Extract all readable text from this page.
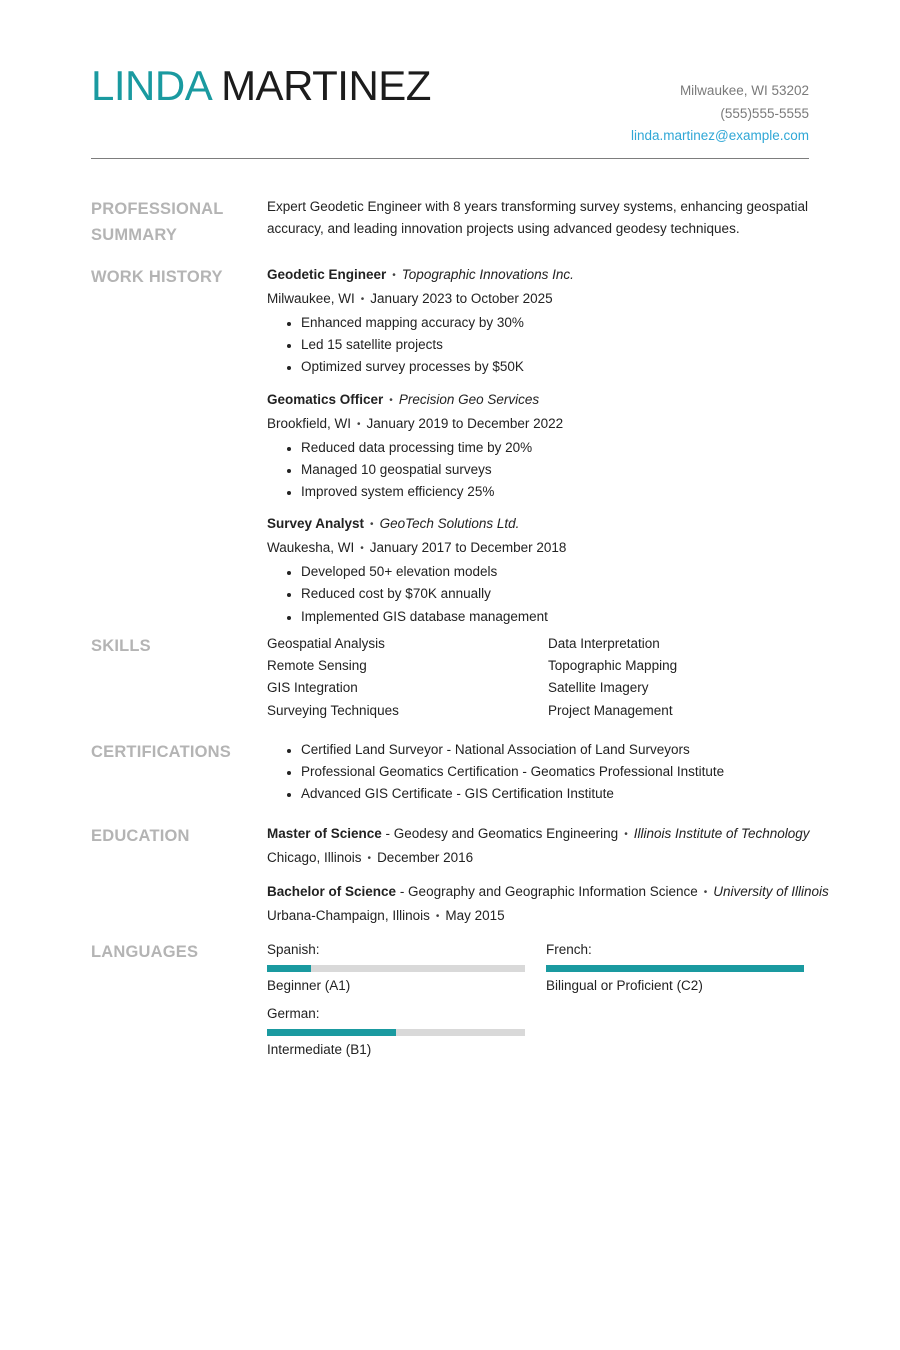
LINDA MARTINEZ	Milwaukee, WI 53202
(555)555-5555
linda.martinez@example.com
PROFESSIONAL SUMMARY

Expert Geodetic Engineer with 8 years transforming survey systems, enhancing geospatial accuracy, and leading innovation projects using advanced geodesy techniques.

WORK HISTORY	Geodetic Engineer • Topographic Innovations Inc.
Milwaukee, WI • January 2023 to October 2025
• Enhanced mapping accuracy by 30%
• Led 15 satellite projects
• Optimized survey processes by $50K
Geomatics Officer • Precision Geo Services
Brookfield, WI • January 2019 to December 2022
• Reduced data processing time by 20%
• Managed 10 geospatial surveys
• Improved system efficiency 25%
Survey Analyst • GeoTech Solutions Ltd.
Waukesha, WI • January 2017 to December 2018
• Developed 50+ elevation models
• Reduced cost by $70K annually
• Implemented GIS database management
SKILLS	Geospatial Analysis	Data Interpretation
Remote Sensing	Topographic Mapping
GIS Integration	Satellite Imagery
Surveying Techniques	Project Management
CERTIFICATIONS
•	Certified Land Surveyor - National Association of Land Surveyors
• Professional Geomatics Certification - Geomatics Professional Institute
• Advanced GIS Certificate - GIS Certification Institute
EDUCATION	Master of Science - Geodesy and Geomatics Engineering • Illinois Institute of Technology
Chicago, Illinois • December 2016
Bachelor of Science - Geography and Geographic Information Science • University of Illinois
Urbana-Champaign, Illinois • May 2015
LANGUAGES	Spanish:
Beginner (A1)
French:
Bilingual or Proficient (C2)
German:
Intermediate (B1)
